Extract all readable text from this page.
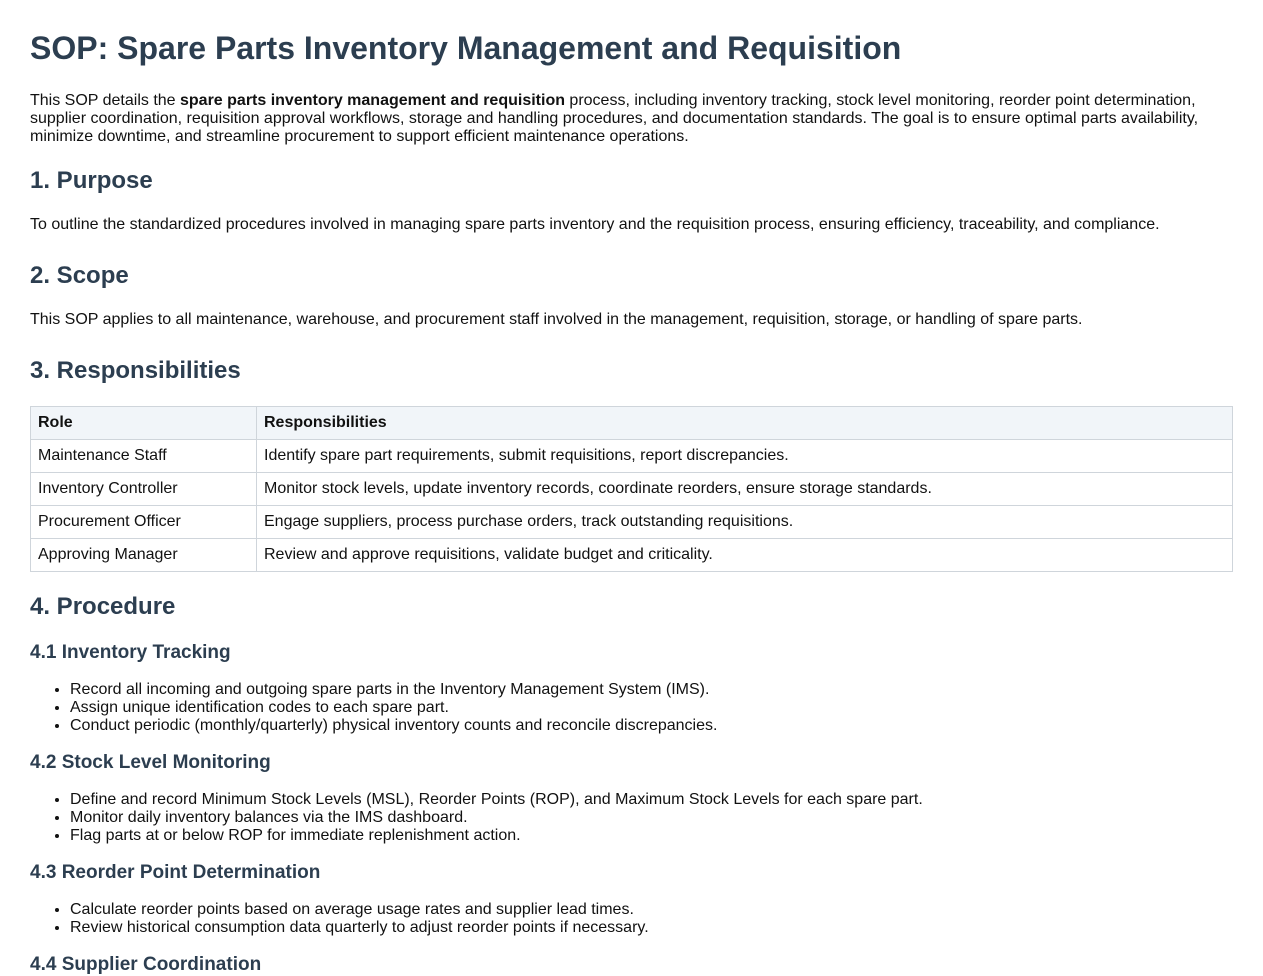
SOP: Spare Parts Inventory Management and Requisition

This SOP details the spare parts inventory management and requisition process, including inventory tracking, stock level monitoring, reorder point determination, supplier coordination, requisition approval workflows, storage and handling procedures, and documentation standards. The goal is to ensure optimal parts availability, minimize downtime, and streamline procurement to support efficient maintenance operations.

1. Purpose

To outline the standardized procedures involved in managing spare parts inventory and the requisition process, ensuring efficiency, traceability, and compliance.

2. Scope

This SOP applies to all maintenance, warehouse, and procurement staff involved in the management, requisition, storage, or handling of spare parts.

3. Responsibilities
Role	Responsibilities
Maintenance Staff	Identify spare part requirements, submit requisitions, report discrepancies.
Inventory Controller	Monitor stock levels, update inventory records, coordinate reorders, ensure storage standards.
Procurement Officer	Engage suppliers, process purchase orders, track outstanding requisitions.
Approving Manager	Review and approve requisitions, validate budget and criticality.
4. Procedure
4.1 Inventory Tracking
• Record all incoming and outgoing spare parts in the Inventory Management System (IMS).
• Assign unique identification codes to each spare part.
• Conduct periodic (monthly/quarterly) physical inventory counts and reconcile discrepancies.
4.2 Stock Level Monitoring
• Define and record Minimum Stock Levels (MSL), Reorder Points (ROP), and Maximum Stock Levels for each spare part.
• Monitor daily inventory balances via the IMS dashboard.
• Flag parts at or below ROP for immediate replenishment action.
4.3 Reorder Point Determination
• Calculate reorder points based on average usage rates and supplier lead times.
• Review historical consumption data quarterly to adjust reorder points if necessary.
4.4 Supplier Coordination
